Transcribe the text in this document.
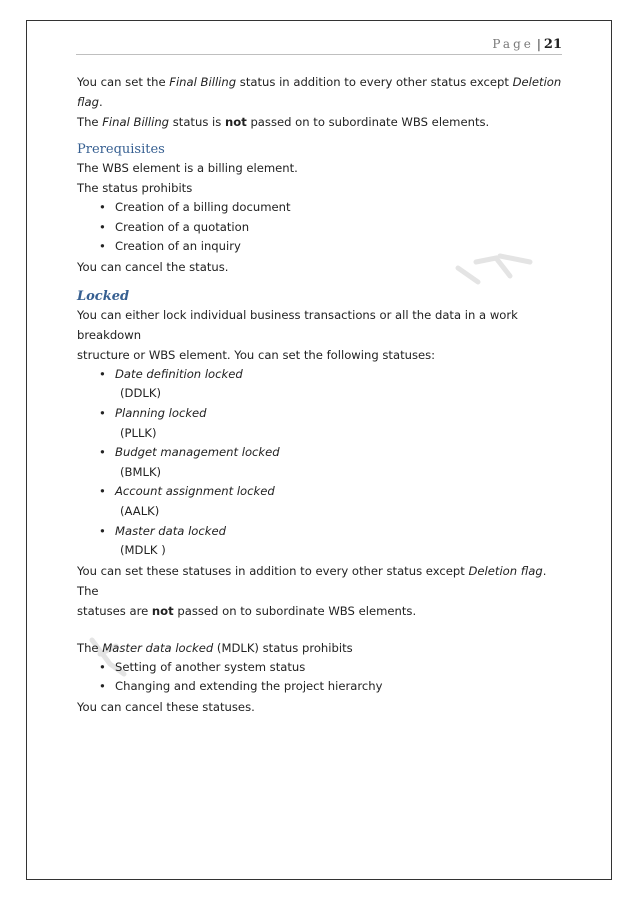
Page | 21

You can set the Final Billing status in addition to every other status except Deletion flag.

The Final Billing status is not passed on to subordinate WBS elements.

Prerequisites

The WBS element is a billing element.

The status prohibits

• Creation of a billing document
• Creation of a quotation
• Creation of an inquiry

You can cancel the status.

Locked

You can either lock individual business transactions or all the data in a work breakdown

structure or WBS element. You can set the following statuses:

• Date definition locked
(DDLK)
• Planning locked
(PLLK)
• Budget management locked
(BMLK)
• Account assignment locked
(AALK)
• Master data locked
(MDLK )

You can set these statuses in addition to every other status except Deletion flag. The

statuses are not passed on to subordinate WBS elements.

The Master data locked (MDLK) status prohibits

• Setting of another system status
• Changing and extending the project hierarchy

You can cancel these statuses.
